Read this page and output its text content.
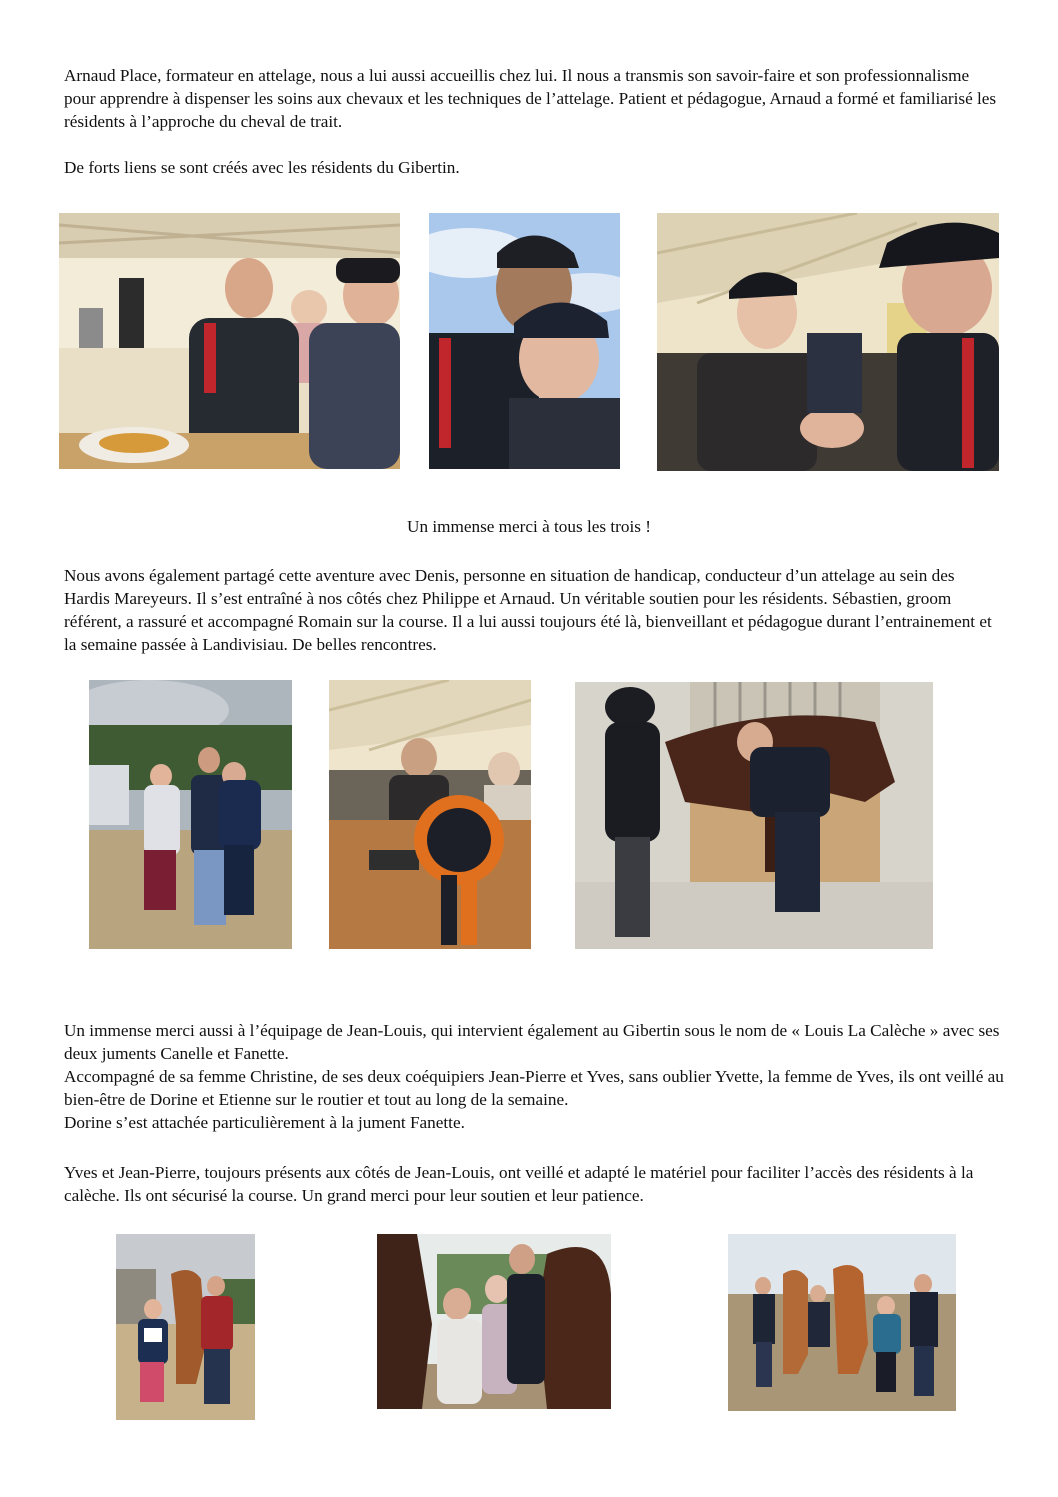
Arnaud Place, formateur en attelage, nous a lui aussi accueillis chez lui. Il nous a transmis son savoir-faire et son professionnalisme pour apprendre à dispenser les soins aux chevaux et les techniques de l’attelage. Patient et pédagogue, Arnaud a formé et familiarisé les résidents à l’approche du cheval de trait.

De forts liens se sont créés avec les résidents du Gibertin.

Un immense merci à tous les trois !

Nous avons également partagé cette aventure avec Denis, personne en situation de handicap, conducteur d’un attelage au sein des Hardis Mareyeurs. Il s’est entraîné à nos côtés chez Philippe et Arnaud. Un véritable soutien pour les résidents. Sébastien, groom référent, a rassuré et accompagné Romain sur la course. Il a lui aussi toujours été là, bienveillant et pédagogue durant l’entrainement et la semaine passée à Landivisiau. De belles rencontres.

Un immense merci aussi à l’équipage de Jean-Louis, qui intervient également au Gibertin sous le nom de « Louis La Calèche » avec ses deux juments Canelle et Fanette.

Accompagné de sa femme Christine, de ses deux coéquipiers Jean-Pierre et Yves, sans oublier Yvette, la femme de Yves, ils ont veillé au bien-être de Dorine et Etienne sur le routier et tout au long de la semaine.

Dorine s’est attachée particulièrement à la jument Fanette.

Yves et Jean-Pierre, toujours présents aux côtés de Jean-Louis, ont veillé et adapté le matériel pour faciliter l’accès des résidents à la calèche. Ils ont sécurisé la course. Un grand merci pour leur soutien et leur patience.
